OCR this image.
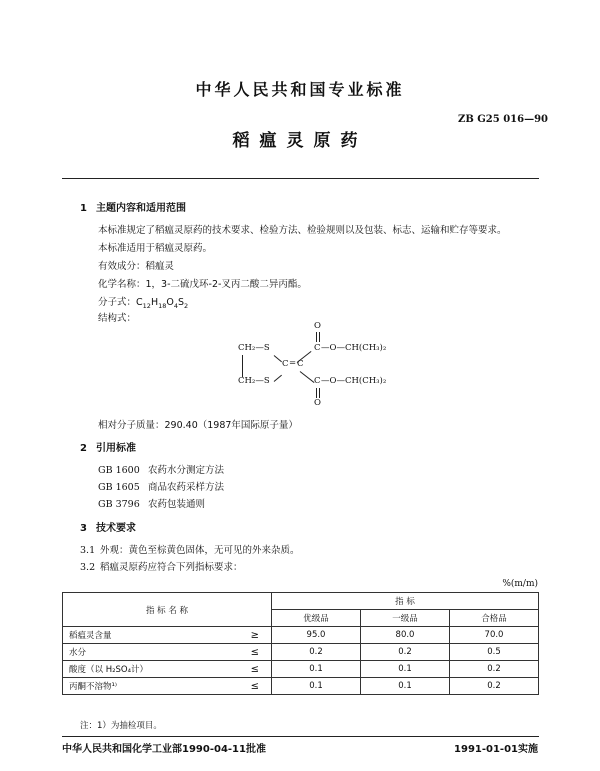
中华人民共和国专业标准
ZB G25 016—90
稻瘟灵原药
1 主题内容和适用范围
本标准规定了稻瘟灵原药的技术要求、检验方法、检验规则以及包装、标志、运输和贮存等要求。
本标准适用于稻瘟灵原药。
有效成分：稻瘟灵
化学名称：1，3-二硫戊环-2-叉丙二酸二异丙酯。
分子式：$C_{12}H_{18}O_4S_2$
结构式：
O
CH₂—S	C —O—CH(CH₃)₂
C = C
CH₂—S	C —O—CH(CH₃)₂
O
相对分子质量：290.40（1987年国际原子量）
2 引用标准
GB 1600 农药水分测定方法
GB 1605 商品农药采样方法
GB 3796 农药包装通则
3 技术要求
3.1 外观：黄色至棕黄色固体，无可见的外来杂质。
3.2 稻瘟灵原药应符合下列指标要求：
%(m/m)
指 标 名 称		指 标		
		优级品	一级品	合格品
稻瘟灵含量	≥	95.0	80.0	70.0
水分	≤	0.2	0.2	0.5
酸度（以 H₂SO₄计）	≤	0.1	0.1	0.2
丙酮不溶物¹⁾	≤	0.1	0.1	0.2
注：1）为抽检项目。
中华人民共和国化学工业部1990-04-11批准	1991-01-01实施
